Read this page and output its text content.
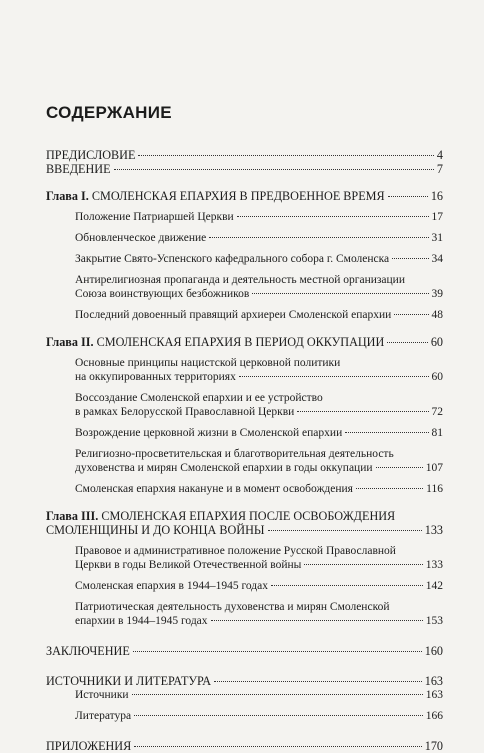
СОДЕРЖАНИЕ
ПРЕДИСЛОВИЕ	4
ВВЕДЕНИЕ	7
Глава I. СМОЛЕНСКАЯ ЕПАРХИЯ В ПРЕДВОЕННОЕ ВРЕМЯ	16
Положение Патриаршей Церкви	17
Обновленческое движение	31
Закрытие Свято-Успенского кафедрального собора г. Смоленска	34
Антирелигиозная пропаганда и деятельность местной организации
Союза воинствующих безбожников	39
Последний довоенный правящий архиереи Смоленской епархии	48
Глава II. СМОЛЕНСКАЯ ЕПАРХИЯ В ПЕРИОД ОККУПАЦИИ	60
Основные принципы нацистской церковной политики
на оккупированных территориях	60
Воссоздание Смоленской епархии и ее устройство
в рамках Белорусской Православной Церкви	72
Возрождение церковной жизни в Смоленской епархии	81
Религиозно-просветительская и благотворительная деятельность
духовенства и мирян Смоленской епархии в годы оккупации	107
Смоленская епархия накануне и в момент освобождения	116
Глава III. СМОЛЕНСКАЯ ЕПАРХИЯ ПОСЛЕ ОСВОБОЖДЕНИЯ
СМОЛЕНЩИНЫ И ДО КОНЦА ВОЙНЫ	133
Правовое и административное положение Русской Православной
Церкви в годы Великой Отечественной войны	133
Смоленская епархия в 1944–1945 годах	142
Патриотическая деятельность духовенства и мирян Смоленской
епархии в 1944–1945 годах	153
ЗАКЛЮЧЕНИЕ	160
ИСТОЧНИКИ И ЛИТЕРАТУРА	163
Источники	163
Литература	166
ПРИЛОЖЕНИЯ	170
